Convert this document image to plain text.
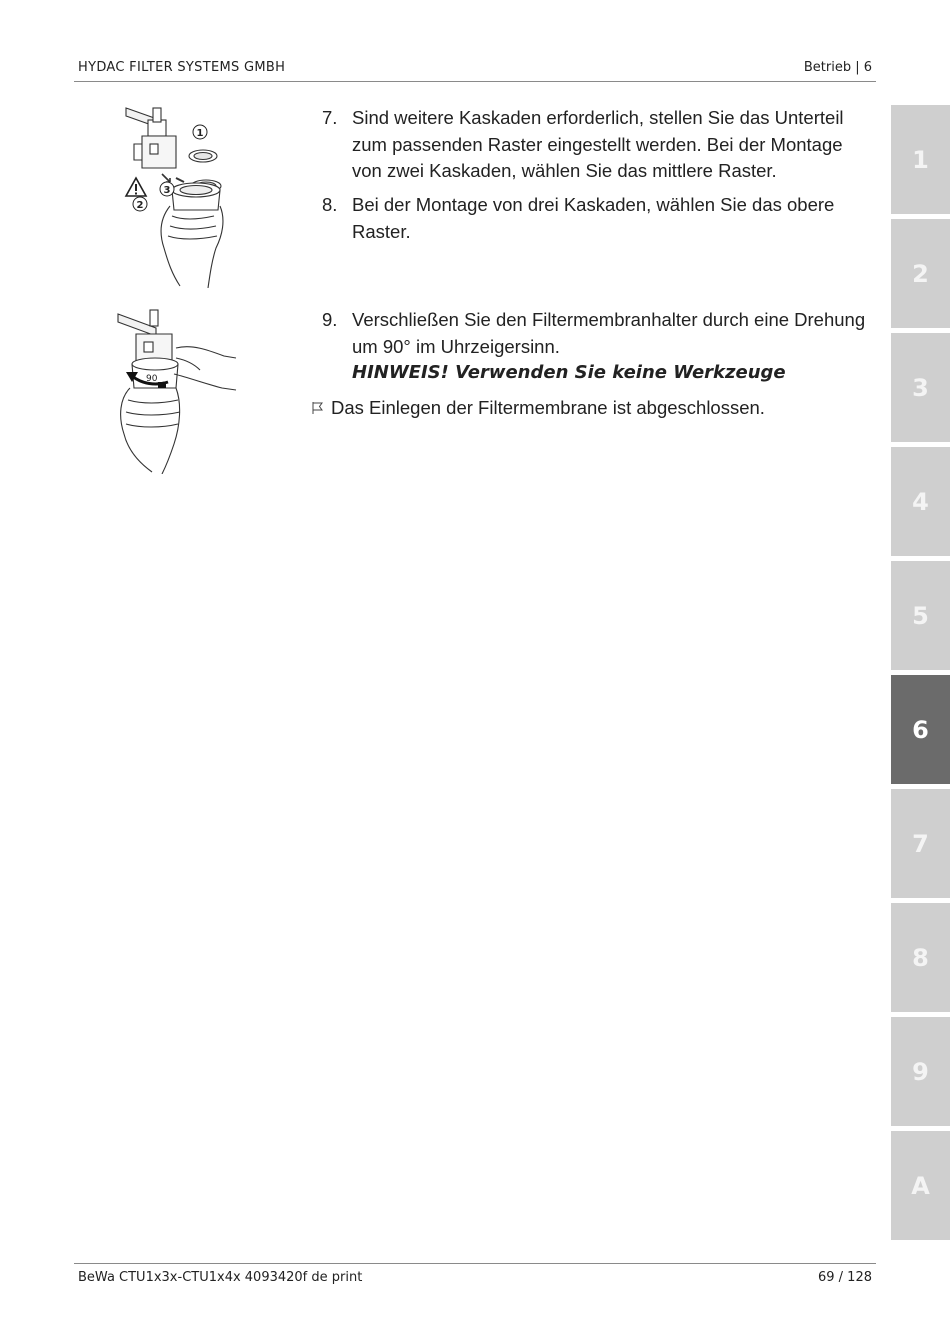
HYDAC FILTER SYSTEMS GMBH	Betrieb | 6
1
2
3
90
7. Sind weitere Kaskaden erforderlich, stellen Sie das Unterteil zum passenden Raster eingestellt werden. Bei der Montage von zwei Kaskaden, wählen Sie das mittlere Raster.
8. Bei der Montage von drei Kaskaden, wählen Sie das obere Raster.
9. Verschließen Sie den Filtermembranhalter durch eine Drehung um 90° im Uhrzeigersinn.
HINWEIS! Verwenden Sie keine Werkzeuge
Das Einlegen der Filtermembrane ist abgeschlossen.
1
2
3
4
5
6
7
8
9
A
BeWa CTU1x3x-CTU1x4x 4093420f de print	69 / 128
